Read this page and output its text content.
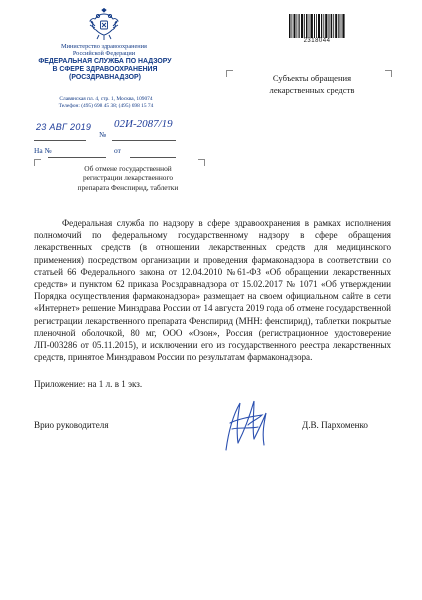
Министерство здравоохранения
Российской Федерации
ФЕДЕРАЛЬНАЯ СЛУЖБА ПО НАДЗОРУ
В СФЕРЕ ЗДРАВООХРАНЕНИЯ
(РОСЗДРАВНАДЗОР)
Славянская пл. 4, стр. 1, Москва, 109074
Телефон: (495) 698 45 38; (495) 698 15 74
2318044
Субъекты обращения
лекарственных средств
23 АВГ 2019
№
02И-2087/19
На №	от
Об отмене государственной
регистрации лекарственного
препарата Фенспирид, таблетки

Федеральная служба по надзору в сфере здравоохранения в рамках исполнения полномочий по федеральному государственному надзору в сфере обращения лекарственных средств (в отношении лекарственных средств для медицинского применения) посредством организации и проведения фармаконадзора в соответствии со статьей 66 Федерального закона от 12.04.2010 №61-ФЗ «Об обращении лекарственных средств» и пунктом 62 приказа Росздравнадзора от 15.02.2017 № 1071 «Об утверждении Порядка осуществления фармаконадзора» размещает на своем официальном сайте в сети «Интернет» решение Минздрава России от 14 августа 2019 года об отмене государственной регистрации лекарственного препарата Фенспирид (МНН: фенспирид), таблетки покрытые пленочной оболочкой, 80 мг, ООО «Озон», Россия (регистрационное удостоверение ЛП-003286 от 05.11.2015), и исключении его из государственного реестра лекарственных средств, принятое Минздравом России по результатам фармаконадзора.

Приложение: на 1 л. в 1 экз.
Врио руководителя	Д.В. Пархоменко
